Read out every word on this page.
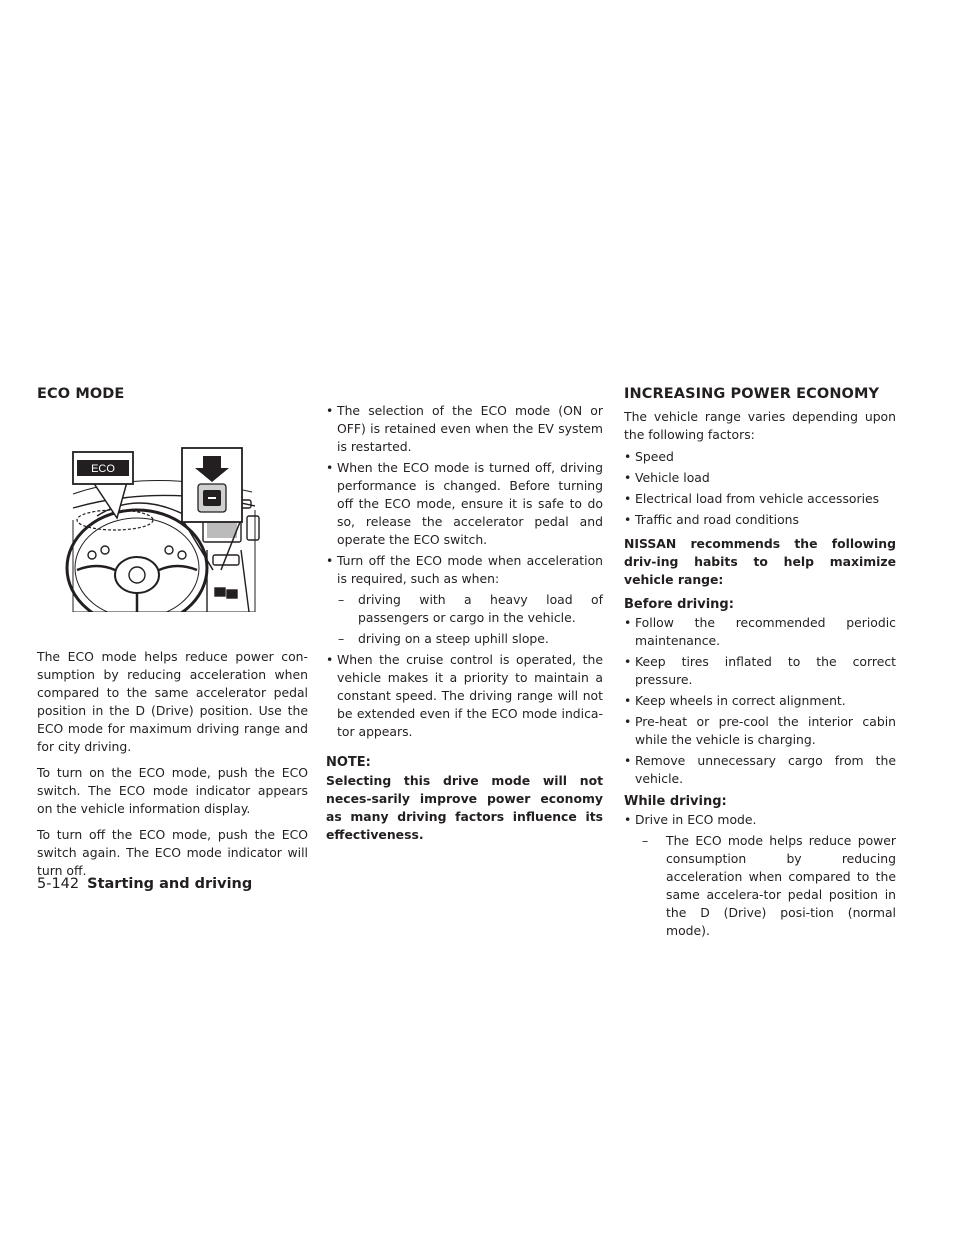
ECO MODE
ECO

The ECO mode helps reduce power con-sumption by reducing acceleration when compared to the same accelerator pedal position in the D (Drive) position. Use the ECO mode for maximum driving range and for city driving.

To turn on the ECO mode, push the ECO switch. The ECO mode indicator appears on the vehicle information display.

To turn off the ECO mode, push the ECO switch again. The ECO mode indicator will turn off.

• The selection of the ECO mode (ON or OFF) is retained even when the EV system is restarted.

• When the ECO mode is turned off, driving performance is changed. Before turning off the ECO mode, ensure it is safe to do so, release the accelerator pedal and operate the ECO switch.

• Turn off the ECO mode when acceleration is required, such as when:

– driving with a heavy load of passengers or cargo in the vehicle.

– driving on a steep uphill slope.

• When the cruise control is operated, the vehicle makes it a priority to maintain a constant speed. The driving range will not be extended even if the ECO mode indica-tor appears.

NOTE:

Selecting this drive mode will not neces-sarily improve power economy as many driving factors influence its effectiveness.

INCREASING POWER ECONOMY

The vehicle range varies depending upon the following factors:

• Speed

• Vehicle load

• Electrical load from vehicle accessories

• Traffic and road conditions

NISSAN recommends the following driv-ing habits to help maximize vehicle range:

Before driving:

• Follow the recommended periodic maintenance.

• Keep tires inflated to the correct pressure.

• Keep wheels in correct alignment.

• Pre-heat or pre-cool the interior cabin while the vehicle is charging.

• Remove unnecessary cargo from the vehicle.

While driving:

• Drive in ECO mode.

– The ECO mode helps reduce power consumption by reducing acceleration when compared to the same accelera-tor pedal position in the D (Drive) posi-tion (normal mode).

5-142 Starting and driving
